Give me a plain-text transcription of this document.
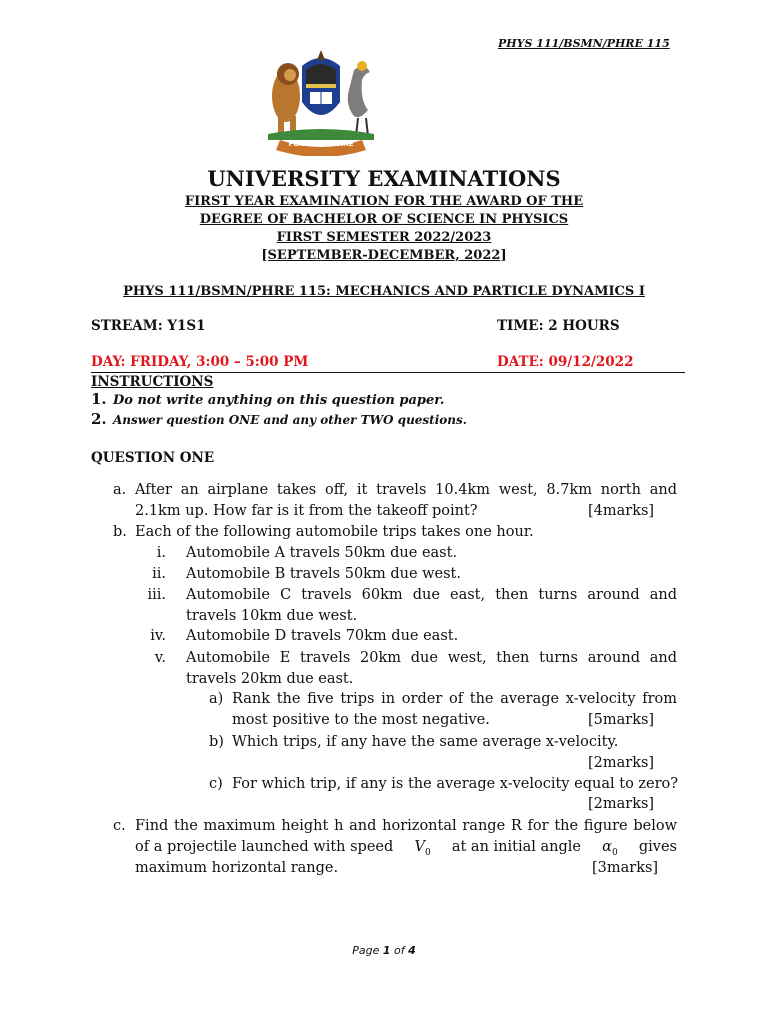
PHYS 111/BSMN/PHRE 115
FONS SCIENTIAE
UNIVERSITY EXAMINATIONS
FIRST YEAR EXAMINATION FOR THE AWARD OF THE
DEGREE OF BACHELOR OF SCIENCE IN PHYSICS
FIRST SEMESTER 2022/2023
[SEPTEMBER-DECEMBER, 2022]
PHYS 111/BSMN/PHRE 115: MECHANICS AND PARTICLE DYNAMICS I
STREAM: Y1S1	TIME: 2 HOURS
DAY: FRIDAY, 3:00 – 5:00 PM	DATE: 09/12/2022
INSTRUCTIONS
1. Do not write anything on this question paper.
2. Answer question ONE and any other TWO questions.
QUESTION ONE
a. After an airplane takes off, it travels 10.4km west, 8.7km north and
2.1km up. How far is it from the takeoff point?	[4marks]
b. Each of the following automobile trips takes one hour.
i. Automobile A travels 50km due east.
ii. Automobile B travels 50km due west.
iii. Automobile C travels 60km due east, then turns around and
travels 10km due west.
iv. Automobile D travels 70km due east.
v. Automobile E travels 20km due west, then turns around and
travels 20km due east.
a) Rank the five trips in order of the average x-velocity from
most positive to the most negative.	[5marks]
b) Which trips, if any have the same average x-velocity.
[2marks]
c) For which trip, if any is the average x-velocity equal to zero?
[2marks]
c. Find the maximum height h and horizontal range R for the figure below
of a projectile launched with speed $V_0$ at an initial angle $\alpha_0$ gives
maximum horizontal range.	[3marks]
Page 1 of 4
